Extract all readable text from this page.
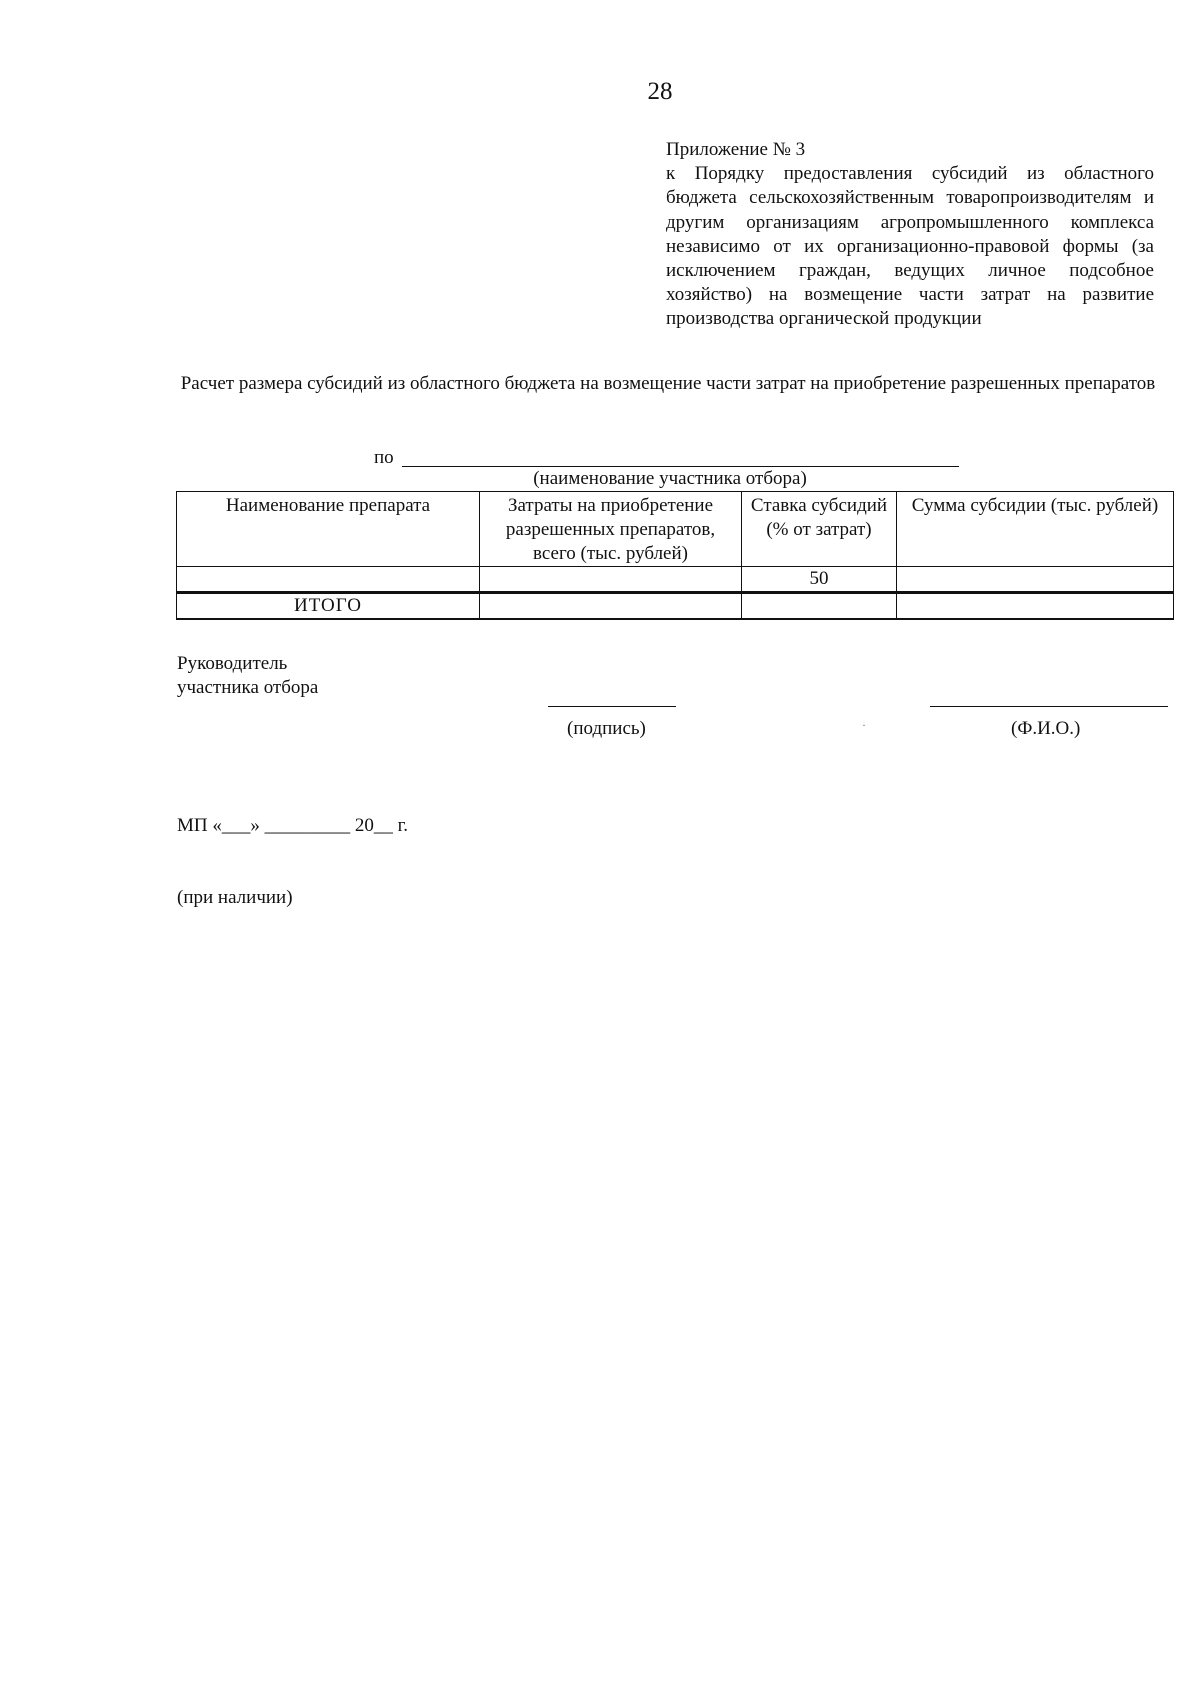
28
Приложение № 3
к Порядку предоставления субсидий из областного бюджета сельскохозяйственным товаропроизводителям и другим организациям агропромышленного комплекса независимо от их организационно-правовой формы (за исключением граждан, ведущих личное подсобное хозяйство) на возмещение части затрат на развитие производства органической продукции
Расчет размера субсидий из областного бюджета на возмещение части затрат на приобретение разрешенных препаратов
по
(наименование участника отбора)
Наименование препарата	Затраты на приобретение разрешенных препаратов, всего (тыс. рублей)	Ставка субсидий (% от затрат)	Сумма субсидии (тыс. рублей)
		50	
ИТОГО			
Руководитель
участника отбора
(подпись)	·	(Ф.И.О.)

МП «___» _________ 20__ г.

(при наличии)
